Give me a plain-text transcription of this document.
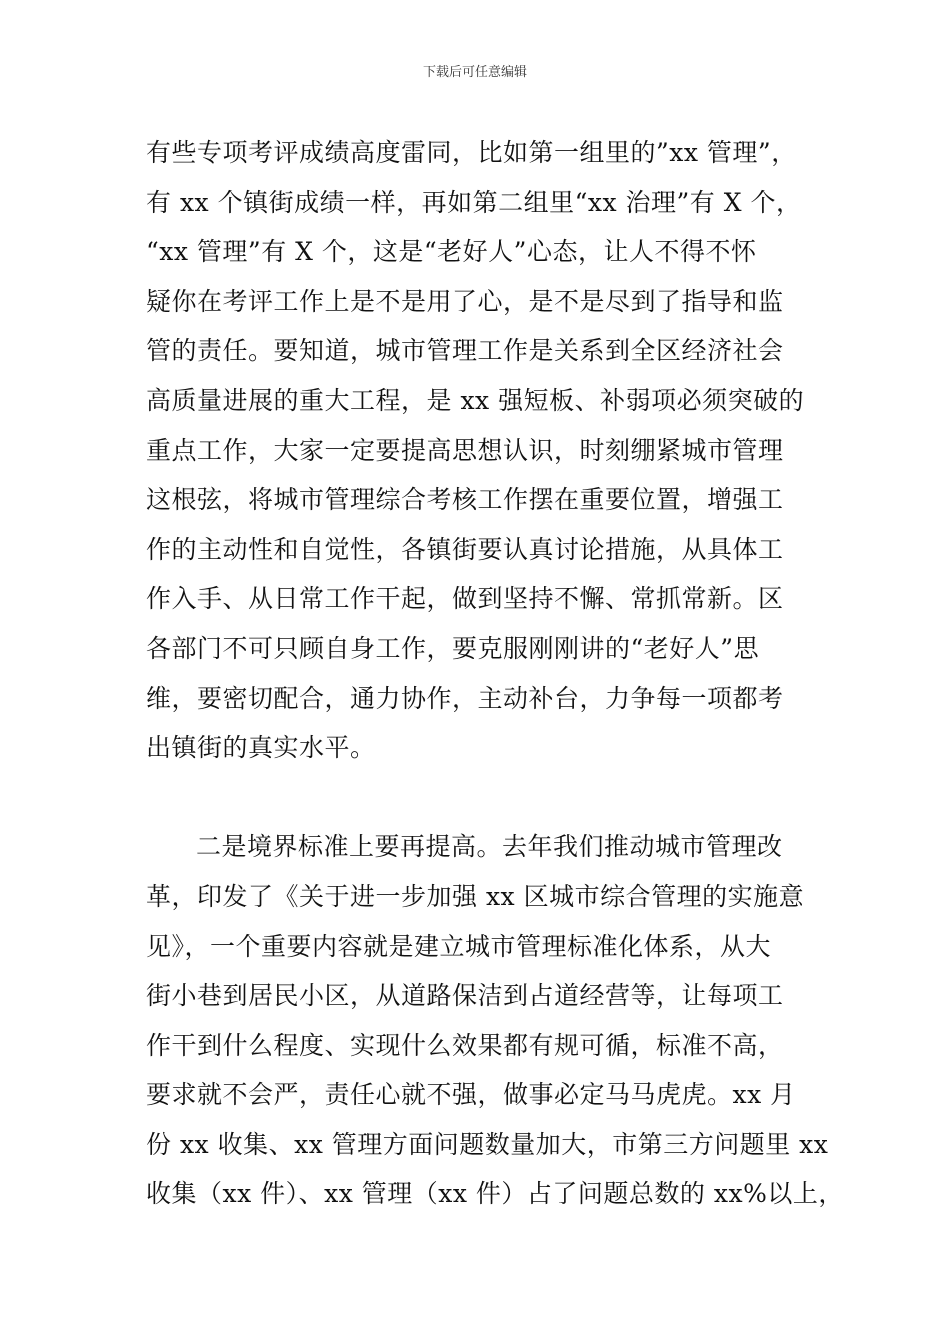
下载后可任意编辑
有些专项考评成绩高度雷同，比如第一组里的”xx 管理”，
有 xx 个镇街成绩一样，再如第二组里“xx 治理”有 X 个，
“xx 管理”有 X 个，这是“老好人”心态，让人不得不怀
疑你在考评工作上是不是用了心，是不是尽到了指导和监
管的责任。要知道，城市管理工作是关系到全区经济社会
高质量进展的重大工程，是 xx 强短板、补弱项必须突破的
重点工作，大家一定要提高思想认识，时刻绷紧城市管理
这根弦，将城市管理综合考核工作摆在重要位置，增强工
作的主动性和自觉性，各镇街要认真讨论措施，从具体工
作入手、从日常工作干起，做到坚持不懈、常抓常新。区
各部门不可只顾自身工作，要克服刚刚讲的“老好人”思
维，要密切配合，通力协作，主动补台，力争每一项都考
出镇街的真实水平。
二是境界标准上要再提高。去年我们推动城市管理改
革，印发了《关于进一步加强 xx 区城市综合管理的实施意
见》，一个重要内容就是建立城市管理标准化体系，从大
街小巷到居民小区，从道路保洁到占道经营等，让每项工
作干到什么程度、实现什么效果都有规可循，标准不高，
要求就不会严，责任心就不强，做事必定马马虎虎。xx 月
份 xx 收集、xx 管理方面问题数量加大，市第三方问题里 xx
收集（xx 件）、xx 管理（xx 件）占了问题总数的 xx%以上，
